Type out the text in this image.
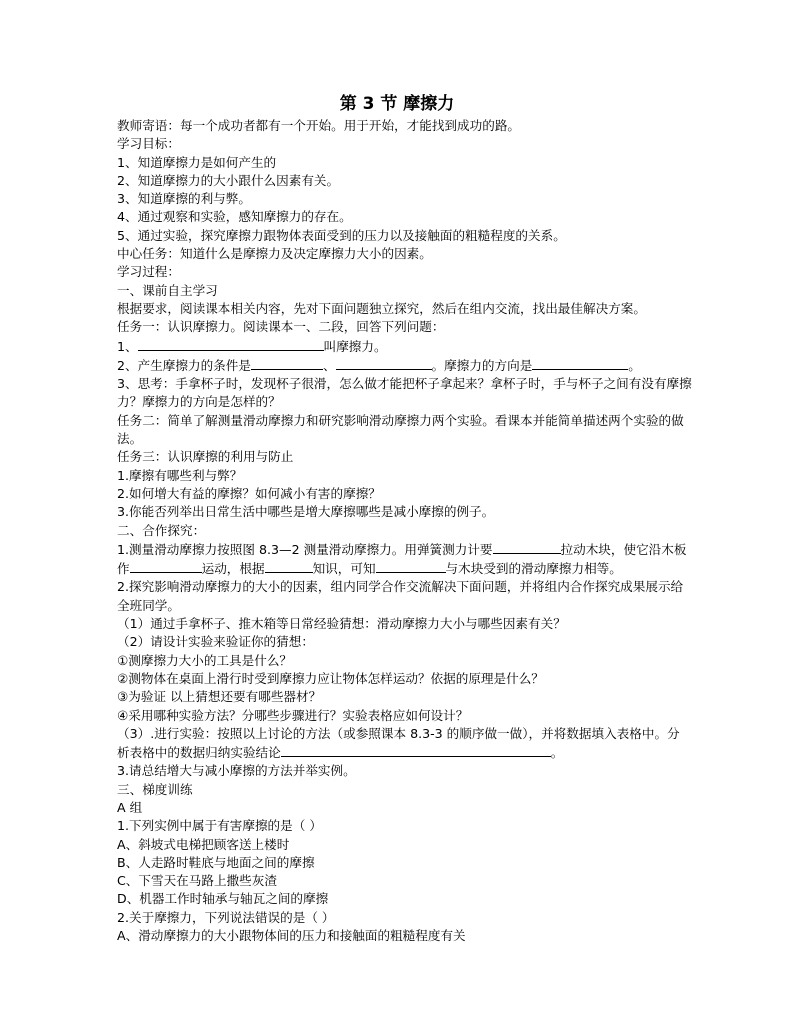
第 3 节 摩擦力
教师寄语：每一个成功者都有一个开始。用于开始，才能找到成功的路。
学习目标：
1、知道摩擦力是如何产生的
2、知道摩擦力的大小跟什么因素有关。
3、知道摩擦的利与弊。
4、通过观察和实验，感知摩擦力的存在。
5、通过实验，探究摩擦力跟物体表面受到的压力以及接触面的粗糙程度的关系。
中心任务：知道什么是摩擦力及决定摩擦力大小的因素。
学习过程：
一、课前自主学习
根据要求，阅读课本相关内容，先对下面问题独立探究，然后在组内交流，找出最佳解决方案。
任务一：认识摩擦力。阅读课本一、二段，回答下列问题：
1、	叫摩擦力。
2、产生摩擦力的条件是	、	。摩擦力的方向是	。
3、思考：手拿杯子时，发现杯子很滑，怎么做才能把杯子拿起来？拿杯子时，手与杯子之间有没有摩擦力？摩擦力的方向是怎样的？
任务二：简单了解测量滑动摩擦力和研究影响滑动摩擦力两个实验。看课本并能简单描述两个实验的做法。
任务三：认识摩擦的利用与防止
1.摩擦有哪些利与弊？
2.如何增大有益的摩擦？如何减小有害的摩擦？
3.你能否列举出日常生活中哪些是增大摩擦哪些是减小摩擦的例子。
二、合作探究：
1.测量滑动摩擦力按照图 8.3—2 测量滑动摩擦力。用弹簧测力计要	拉动木块，使它沿木板作	运动，根据	知识，可知	与木块受到的滑动摩擦力相等。
2.探究影响滑动摩擦力的大小的因素，组内同学合作交流解决下面问题，并将组内合作探究成果展示给全班同学。
（1）通过手拿杯子、推木箱等日常经验猜想：滑动摩擦力大小与哪些因素有关？
（2）请设计实验来验证你的猜想：
①测摩擦力大小的工具是什么？
②测物体在桌面上滑行时受到摩擦力应让物体怎样运动？依据的原理是什么？
③为验证 以上猜想还要有哪些器材？
④采用哪种实验方法？分哪些步骤进行？实验表格应如何设计？
（3）.进行实验：按照以上讨论的方法（或参照课本 8.3-3 的顺序做一做），并将数据填入表格中。分析表格中的数据归纳实验结论	。
3.请总结增大与减小摩擦的方法并举实例。
三、梯度训练
A 组
1.下列实例中属于有害摩擦的是（ ）
A、斜坡式电梯把顾客送上楼时
B、人走路时鞋底与地面之间的摩擦
C、下雪天在马路上撒些灰渣
D、机器工作时轴承与轴瓦之间的摩擦
2.关于摩擦力，下列说法错误的是（ ）
A、滑动摩擦力的大小跟物体间的压力和接触面的粗糙程度有关
